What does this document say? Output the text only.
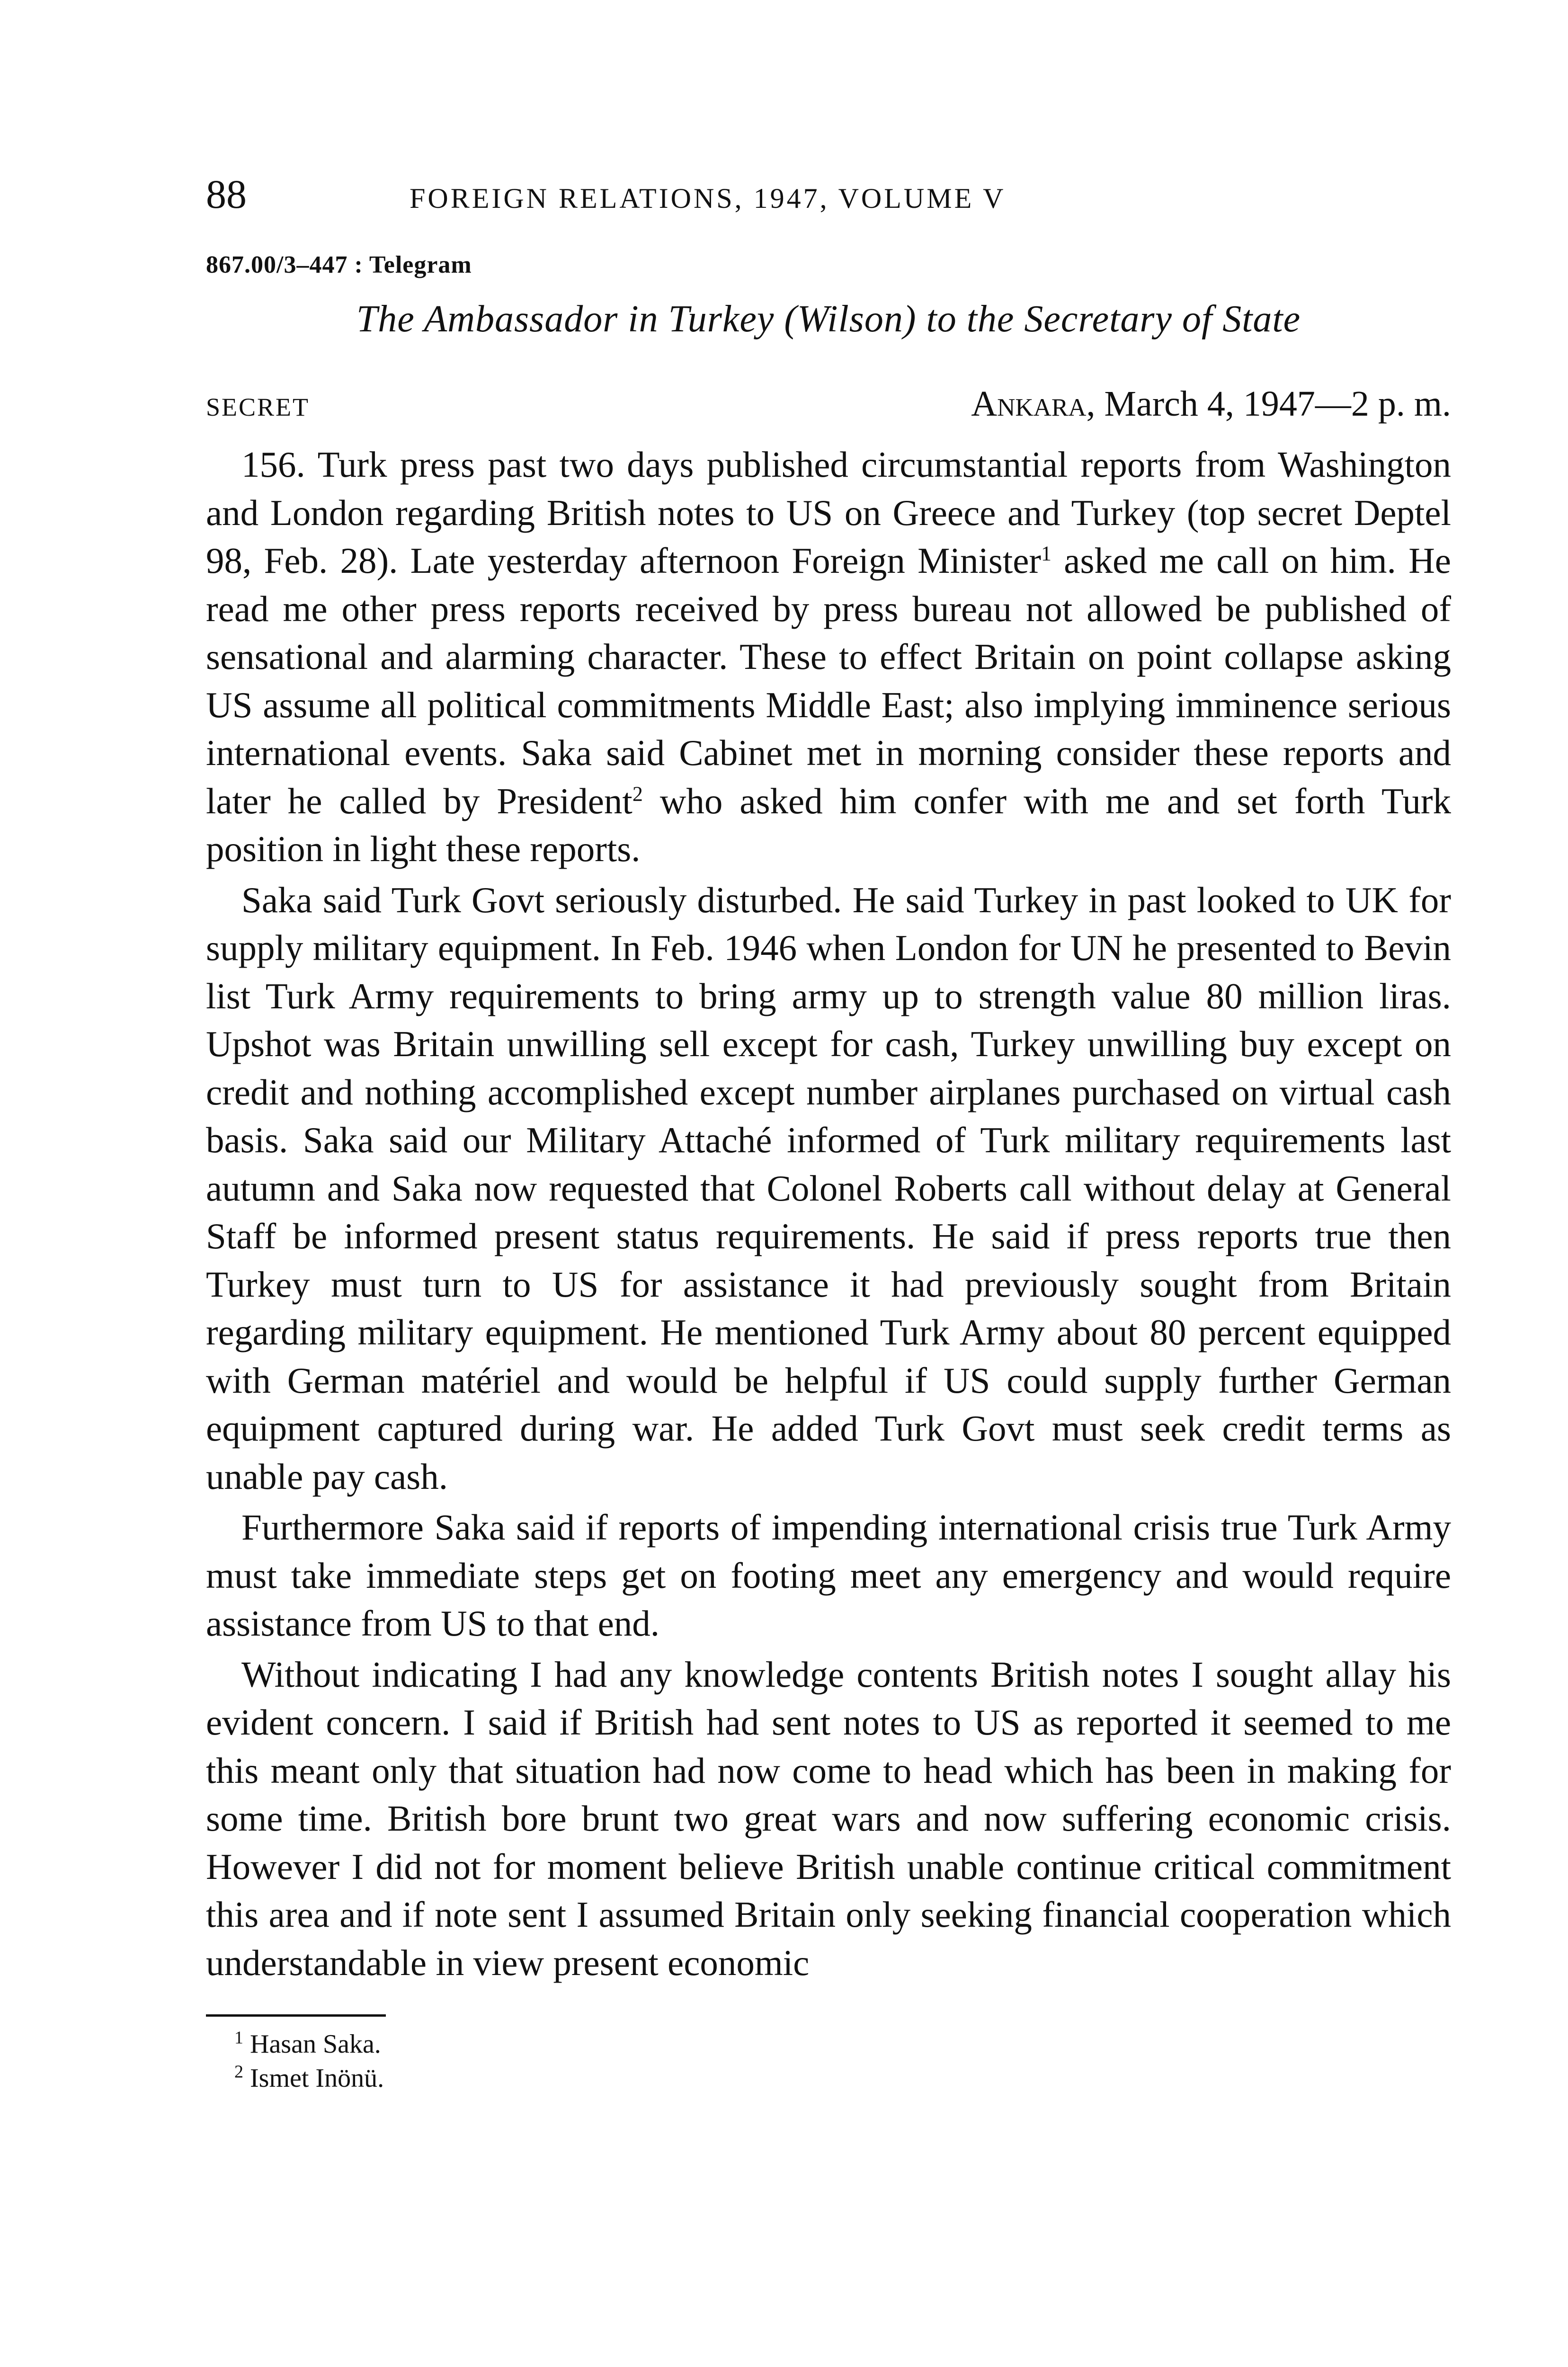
88	FOREIGN RELATIONS, 1947, VOLUME V
867.00/3–447 : Telegram
The Ambassador in Turkey (Wilson) to the Secretary of State
SECRET	Ankara, March 4, 1947—2 p. m.

156. Turk press past two days published circumstantial reports from Washington and London regarding British notes to US on Greece and Turkey (top secret Deptel 98, Feb. 28). Late yesterday afternoon Foreign Minister$^1$ asked me call on him. He read me other press reports received by press bureau not allowed be published of sensational and alarming character. These to effect Britain on point collapse asking US assume all political commitments Middle East; also implying imminence serious international events. Saka said Cabinet met in morning consider these reports and later he called by President$^2$ who asked him confer with me and set forth Turk position in light these reports.

Saka said Turk Govt seriously disturbed. He said Turkey in past looked to UK for supply military equipment. In Feb. 1946 when London for UN he presented to Bevin list Turk Army requirements to bring army up to strength value 80 million liras. Upshot was Britain unwilling sell except for cash, Turkey unwilling buy except on credit and nothing accomplished except number airplanes purchased on virtual cash basis. Saka said our Military Attaché informed of Turk military requirements last autumn and Saka now requested that Colonel Roberts call without delay at General Staff be informed present status requirements. He said if press reports true then Turkey must turn to US for assistance it had previously sought from Britain regarding military equipment. He mentioned Turk Army about 80 percent equipped with German matériel and would be helpful if US could supply further German equipment captured during war. He added Turk Govt must seek credit terms as unable pay cash.

Furthermore Saka said if reports of impending international crisis true Turk Army must take immediate steps get on footing meet any emergency and would require assistance from US to that end.

Without indicating I had any knowledge contents British notes I sought allay his evident concern. I said if British had sent notes to US as reported it seemed to me this meant only that situation had now come to head which has been in making for some time. British bore brunt two great wars and now suffering economic crisis. However I did not for moment believe British unable continue critical commitment this area and if note sent I assumed Britain only seeking financial cooperation which understandable in view present economic

$^1$ Hasan Saka.
$^2$ Ismet Inönü.
